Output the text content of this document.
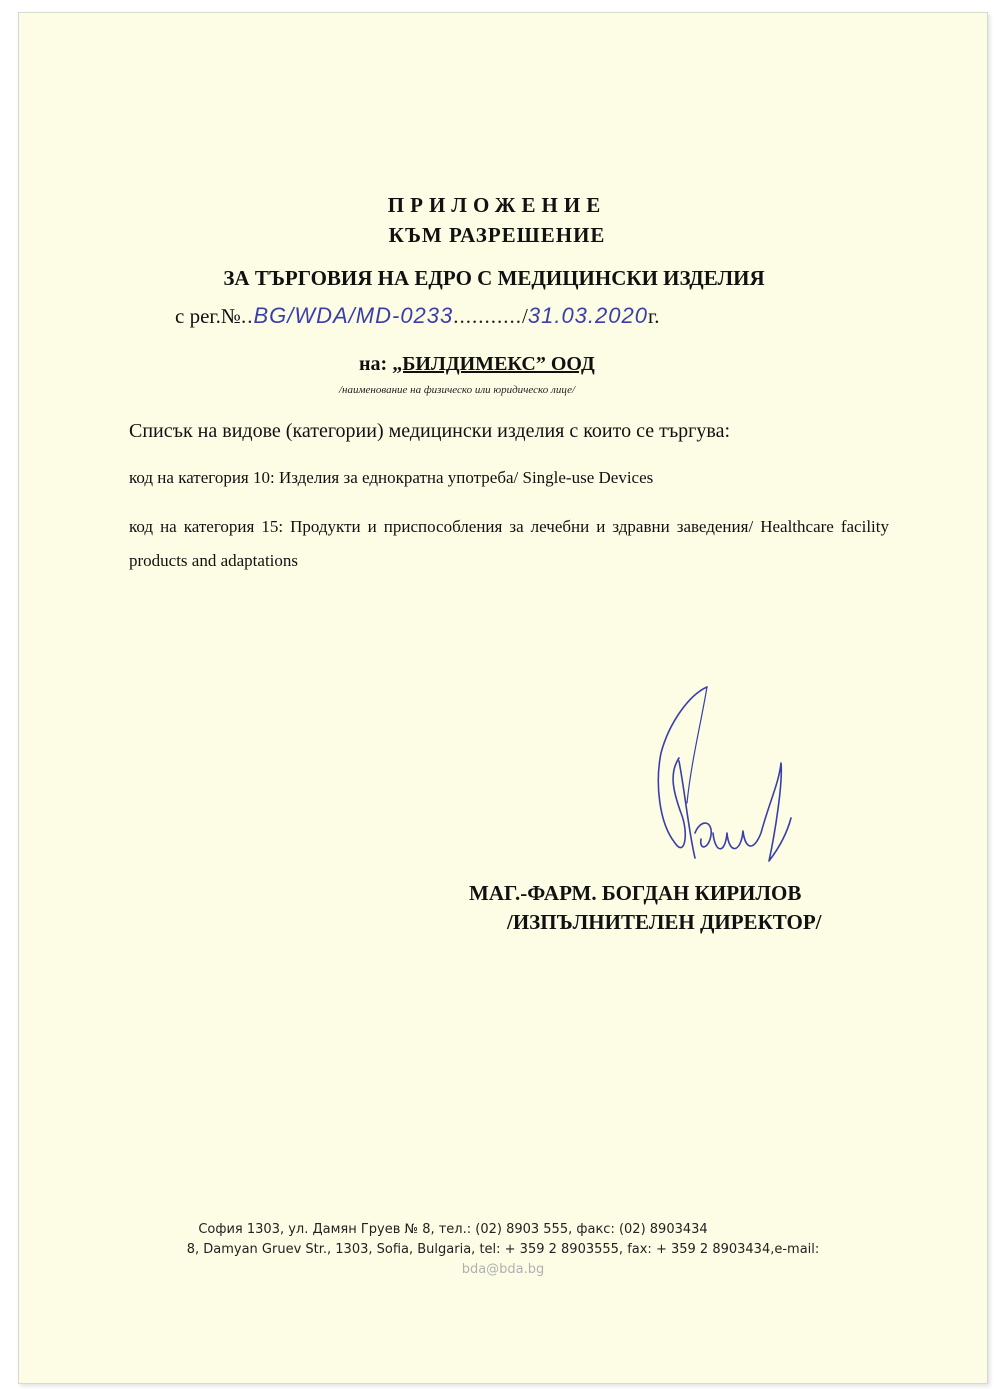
ПРИЛОЖЕНИЕ
КЪМ РАЗРЕШЕНИЕ
ЗА ТЪРГОВИЯ НА ЕДРО С МЕДИЦИНСКИ ИЗДЕЛИЯ
с рег.№..BG/WDA/MD-0233.........../31.03.2020г.
на: „БИЛДИМЕКС” ООД
/наименование на физическо или юридическо лице/
Списък на видове (категории) медицински изделия с които се търгува:
код на категория 10: Изделия за еднократна употреба/ Single-use Devices
код на категория 15: Продукти и приспособления за лечебни и здравни заведения/ Healthcare facility products and adaptations
МАГ.-ФАРМ. БОГДАН КИРИЛОВ
/ИЗПЪЛНИТЕЛЕН ДИРЕКТОР/
София 1303, ул. Дамян Груев № 8, тел.: (02) 8903 555, факс: (02) 8903434
8, Damyan Gruev Str., 1303, Sofia, Bulgaria, tel: + 359 2 8903555, fax: + 359 2 8903434,e-mail:
bda@bda.bg
